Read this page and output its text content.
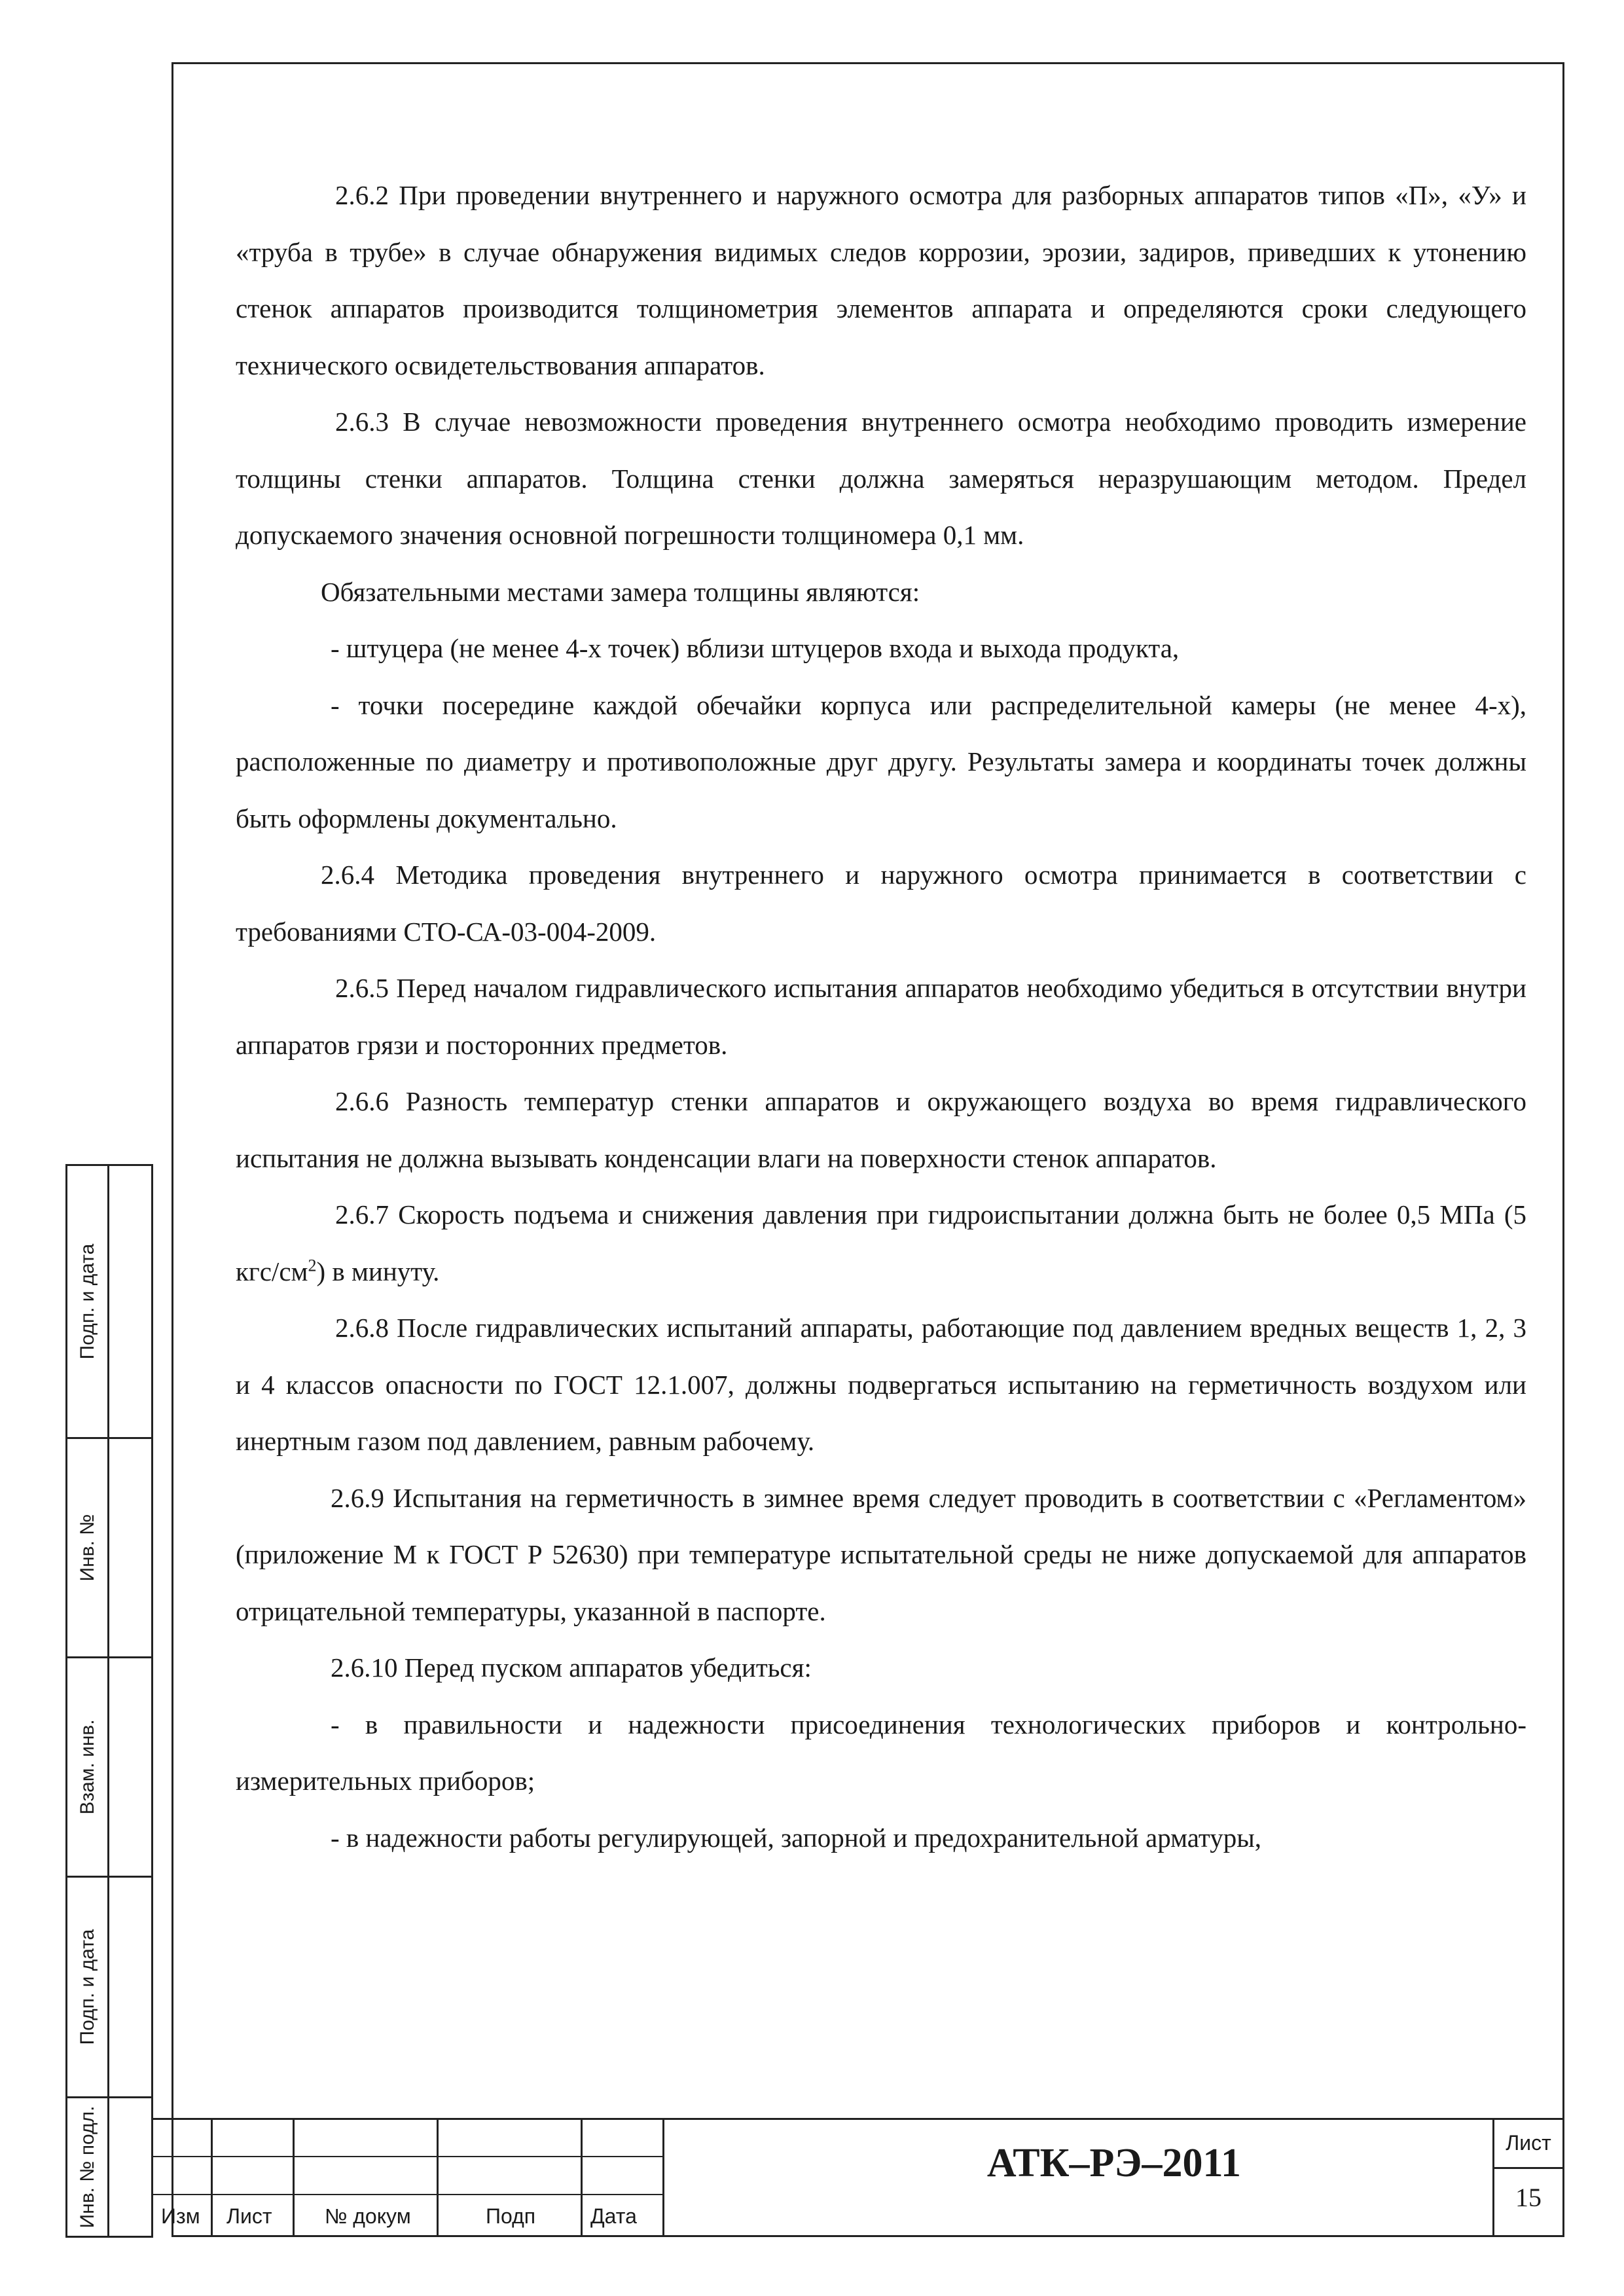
2.6.2 При проведении внутреннего и наружного осмотра для разборных аппаратов типов «П», «У» и «труба в трубе» в случае обнаружения видимых следов коррозии, эрозии, задиров, приведших к утонению стенок аппаратов производится толщинометрия элементов аппарата и определяются сроки следующего технического освидетельствования аппаратов.

2.6.3 В случае невозможности проведения внутреннего осмотра необходимо проводить измерение толщины стенки аппаратов. Толщина стенки должна замеряться неразрушающим методом. Предел допускаемого значения основной погрешности толщиномера 0,1 мм.

Обязательными местами замера толщины являются:

- штуцера (не менее 4-х точек) вблизи штуцеров входа и выхода продукта,

- точки посередине каждой обечайки корпуса или распределительной камеры (не менее 4-х), расположенные по диаметру и противоположные друг другу. Результаты замера и координаты точек должны быть оформлены документально.

2.6.4 Методика проведения внутреннего и наружного осмотра принимается в соответствии с требованиями СТО-СА-03-004-2009.

2.6.5 Перед началом гидравлического испытания аппаратов необходимо убедиться в отсутствии внутри аппаратов грязи и посторонних предметов.

2.6.6 Разность температур стенки аппаратов и окружающего воздуха во время гидравлического испытания не должна вызывать конденсации влаги на поверхности стенок аппаратов.

2.6.7 Скорость подъема и снижения давления при гидроиспытании должна быть не более 0,5 МПа (5 кгс/$см^2$) в минуту.

2.6.8 После гидравлических испытаний аппараты, работающие под давлением вредных веществ 1, 2, 3 и 4 классов опасности по ГОСТ 12.1.007, должны подвергаться испытанию на герметичность воздухом или инертным газом под давлением, равным рабочему.

2.6.9 Испытания на герметичность в зимнее время следует проводить в соответствии с «Регламентом» (приложение М к ГОСТ Р 52630) при температуре испытательной среды не ниже допускаемой для аппаратов отрицательной температуры, указанной в паспорте.

2.6.10 Перед пуском аппаратов убедиться:

- в правильности и надежности присоединения технологических приборов и контрольно-измерительных приборов;

- в надежности работы регулирующей, запорной и предохранительной арматуры,

Подп. и дата
Инв. №
Взам. инв.
Подп. и дата
Инв. № подл.	Изм Лист	№ докум	Подп	Дата
АТК–РЭ–2011	Лист
15
